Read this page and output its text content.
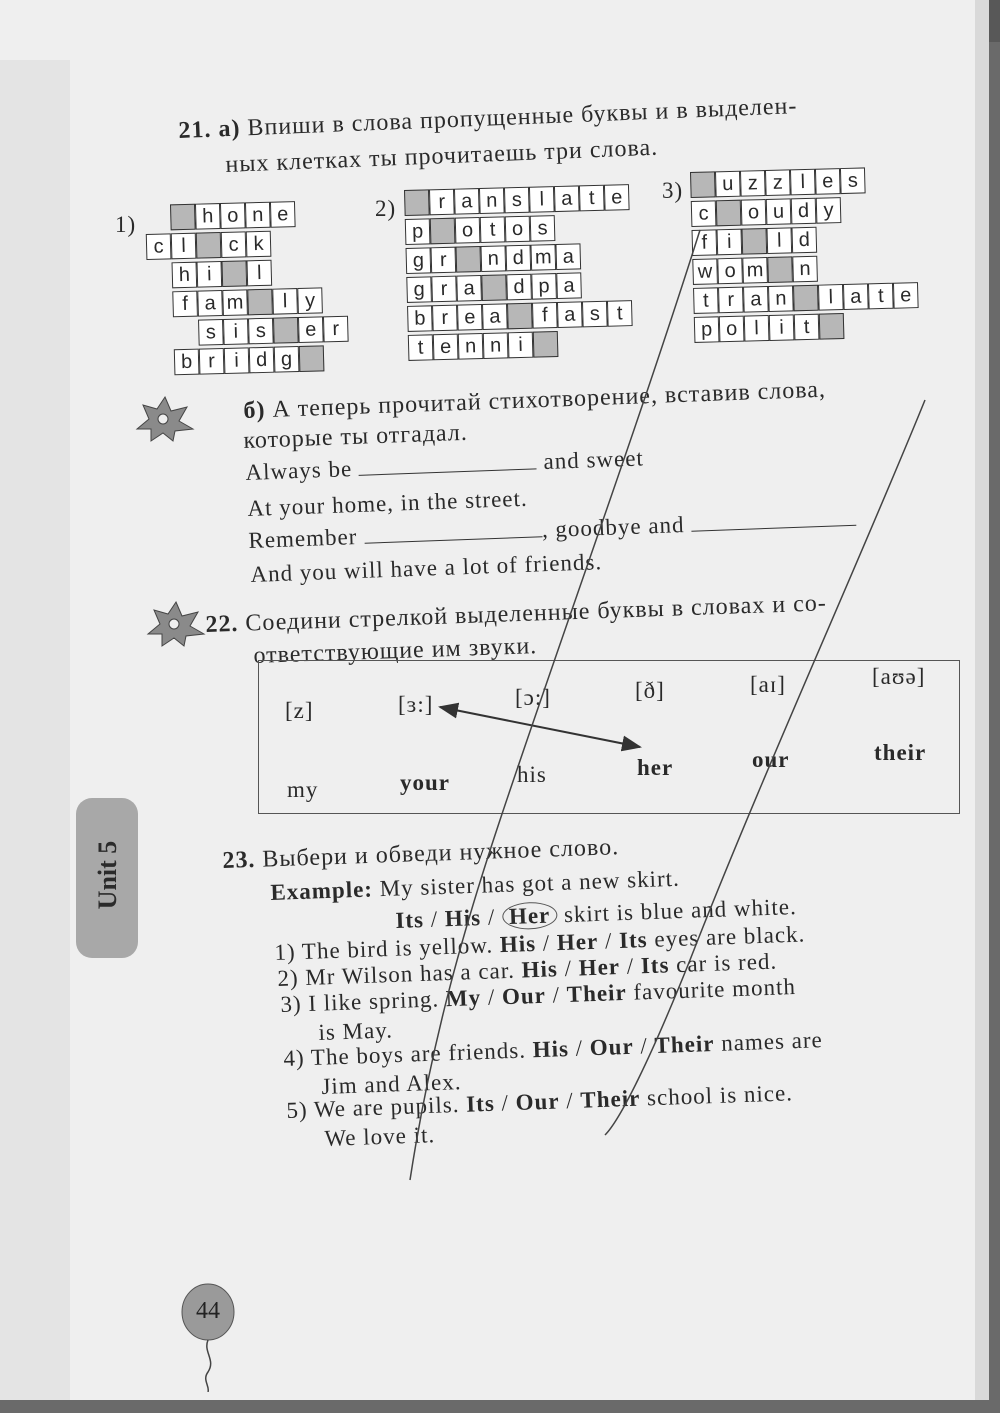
21. а) Впиши в слова пропущенные буквы и в выделен-
ных клетках ты прочитаешь три слова.
1)
2)
3)
h o n e
c l	c k
h i	l
f a m	l y
s i s	e r
b r i d g
r a n s l a t e
p	o t o s
g r	n d m a
g r a	d p a
b r e a	f a s t
t e n n i
u z z l e s
c	o u d y
f i	l d
w o m	n
t r a n	l a t e
p o l i t
б) А теперь прочитай стихотворение, вставив слова,
которые ты отгадал.
Always be	and sweet
At your home, in the street.
Remember	, goodbye and
And you will have a lot of friends.
22. Соедини стрелкой выделенные буквы в словах и со-
ответствующие им звуки.
[z]	[ɜ:]	[ɔ:]	[ð]	[aɪ]	[aʊə]
my	your	his	her	our	their
Unit 5	23. Выбери и обведи нужное слово.
Example: My sister has got a new skirt.
Its / His / Her skirt is blue and white.
1) The bird is yellow. His / Her / Its eyes are black.
2) Mr Wilson has a car. His / Her / Its car is red.
3) I like spring. My / Our / Their favourite month
is May.
4) The boys are friends. His / Our / Their names are
Jim and Alex.
5) We are pupils. Its / Our / Their school is nice.
We love it.
44
